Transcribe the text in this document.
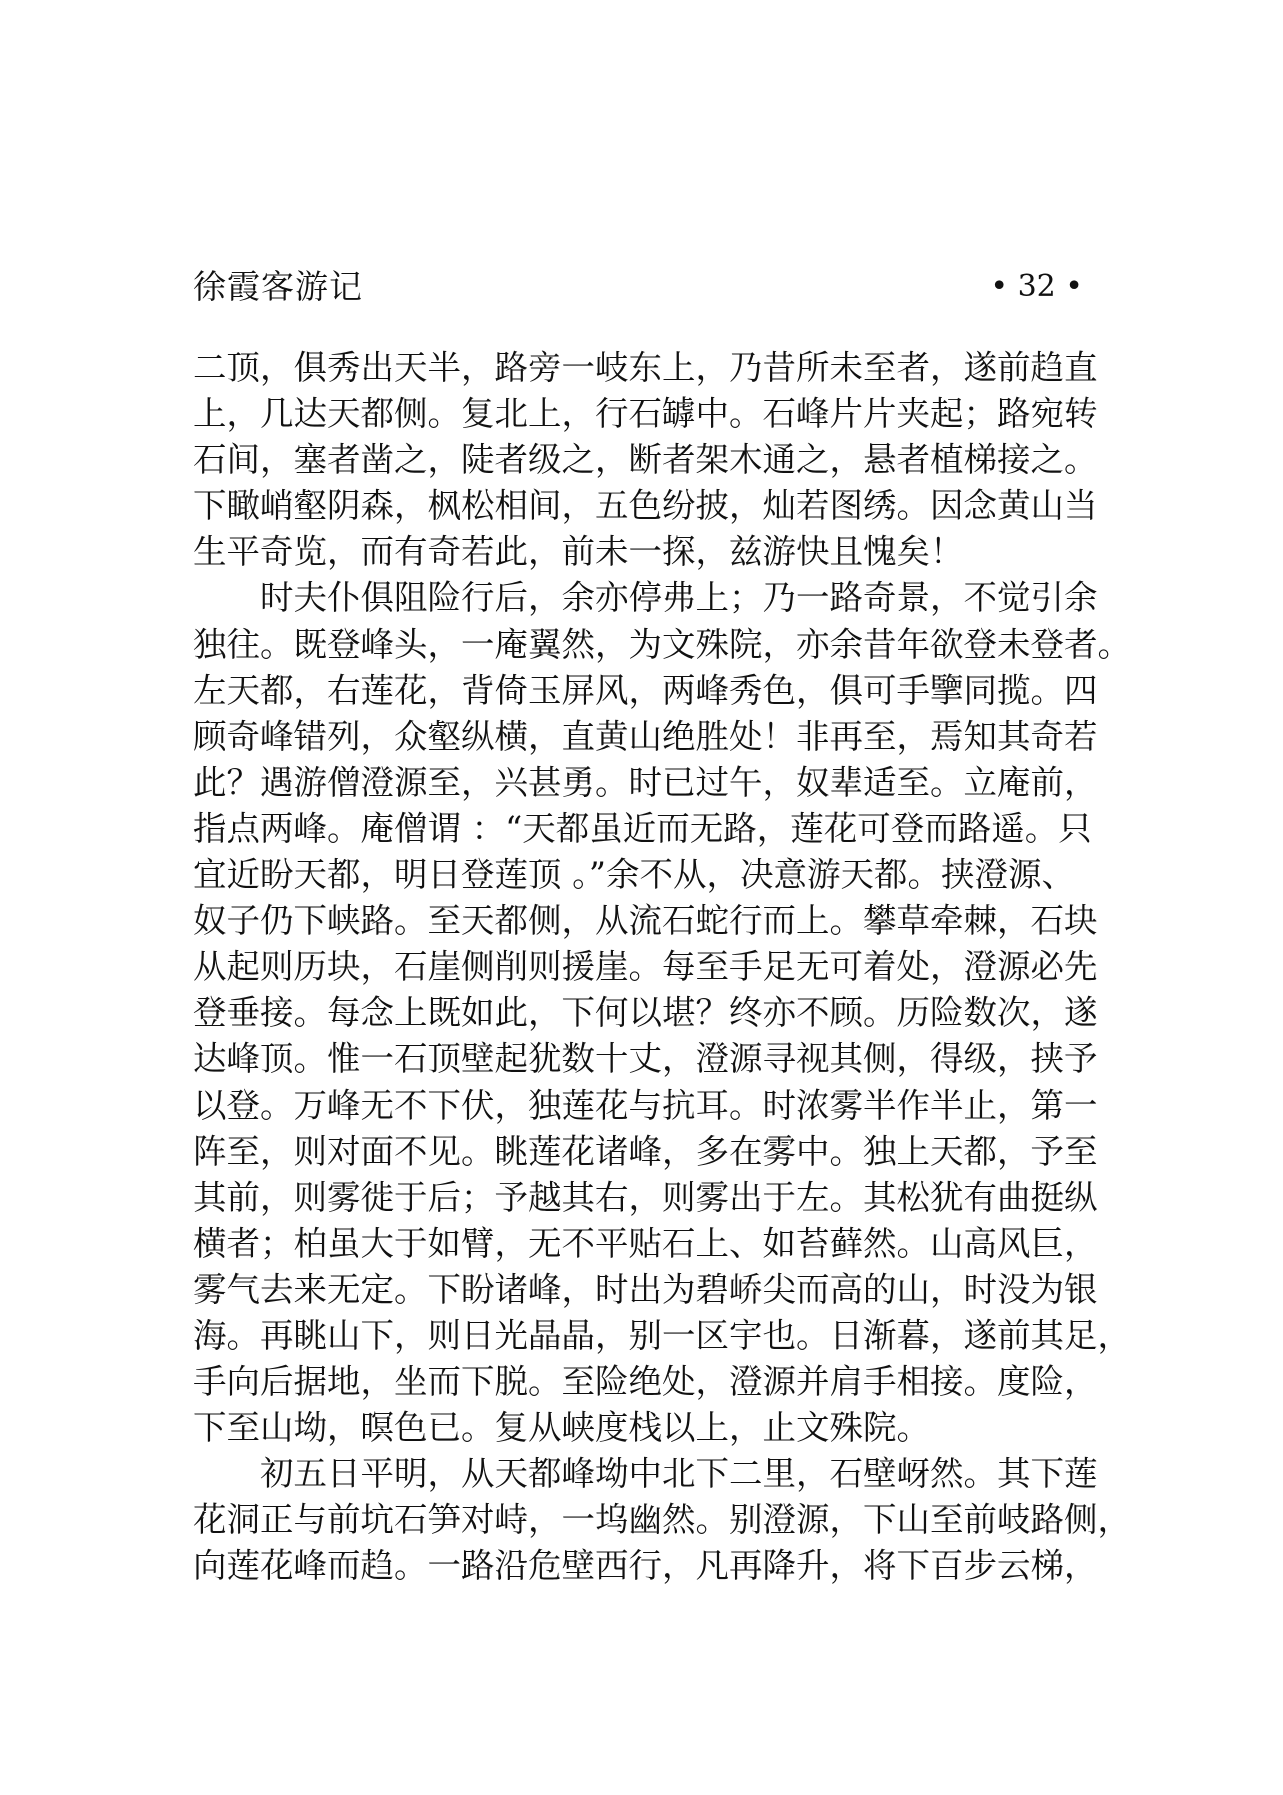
徐霞客游记	• 32 •
二顶，俱秀出天半，路旁一岐东上，乃昔所未至者，遂前趋直
上，几达天都侧。复北上，行石罅中。石峰片片夹起；路宛转
石间，塞者凿之，陡者级之，断者架木通之，悬者植梯接之。
下瞰峭壑阴森，枫松相间，五色纷披，灿若图绣。因念黄山当
生平奇览，而有奇若此，前未一探，兹游快且愧矣！
时夫仆俱阻险行后，余亦停弗上；乃一路奇景，不觉引余
独往。既登峰头，一庵翼然，为文殊院，亦余昔年欲登未登者。
左天都，右莲花，背倚玉屏风，两峰秀色，俱可手擥同揽。四
顾奇峰错列，众壑纵横，直黄山绝胜处！非再至，焉知其奇若
此？遇游僧澄源至，兴甚勇。时已过午，奴辈适至。立庵前，
指点两峰。庵僧谓 ：“天都虽近而无路，莲花可登而路遥。只
宜近盼天都，明日登莲顶 。”余不从，决意游天都。挟澄源、
奴子仍下峡路。至天都侧，从流石蛇行而上。攀草牵棘，石块
从起则历块，石崖侧削则援崖。每至手足无可着处，澄源必先
登垂接。每念上既如此，下何以堪？终亦不顾。历险数次，遂
达峰顶。惟一石顶壁起犹数十丈，澄源寻视其侧，得级，挟予
以登。万峰无不下伏，独莲花与抗耳。时浓雾半作半止，第一
阵至，则对面不见。眺莲花诸峰，多在雾中。独上天都，予至
其前，则雾徙于后；予越其右，则雾出于左。其松犹有曲挺纵
横者；柏虽大于如臂，无不平贴石上、如苔藓然。山高风巨，
雾气去来无定。下盼诸峰，时出为碧峤尖而高的山，时没为银
海。再眺山下，则日光晶晶，别一区宇也。日渐暮，遂前其足，
手向后据地，坐而下脱。至险绝处，澄源并肩手相接。度险，
下至山坳，暝色已。复从峡度栈以上，止文殊院。
初五日平明，从天都峰坳中北下二里，石壁岈然。其下莲
花洞正与前坑石笋对峙，一坞幽然。别澄源，下山至前岐路侧，
向莲花峰而趋。一路沿危壁西行，凡再降升，将下百步云梯，
